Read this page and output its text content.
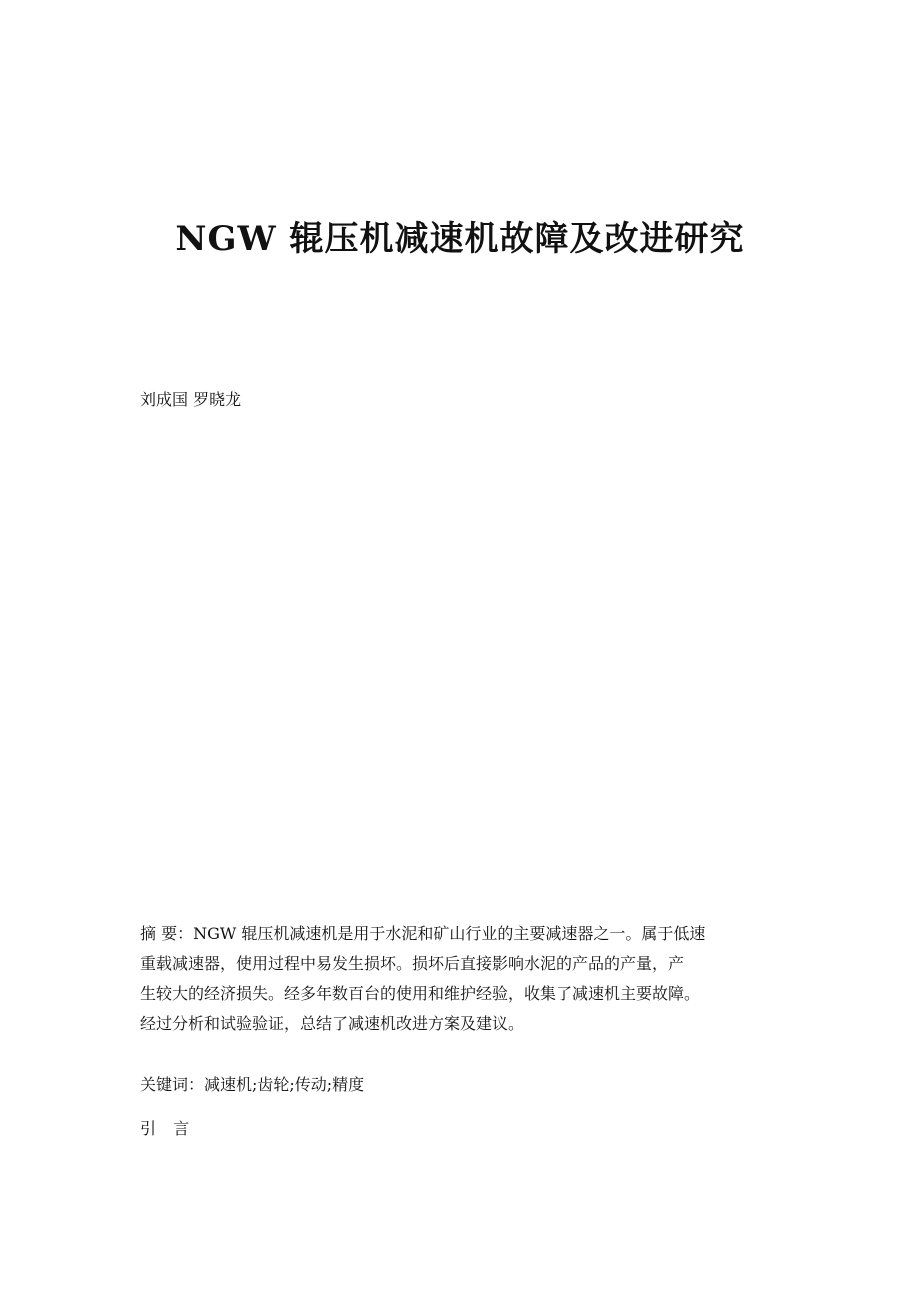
NGW 辊压机减速机故障及改进研究
刘成国 罗晓龙
摘 要：NGW 辊压机减速机是用于水泥和矿山行业的主要减速器之一。属于低速
重载减速器，使用过程中易发生损坏。损坏后直接影响水泥的产品的产量，产
生较大的经济损失。经多年数百台的使用和维护经验，收集了减速机主要故障。
经过分析和试验验证，总结了减速机改进方案及建议。
关键词：减速机;齿轮;传动;精度
引 言
